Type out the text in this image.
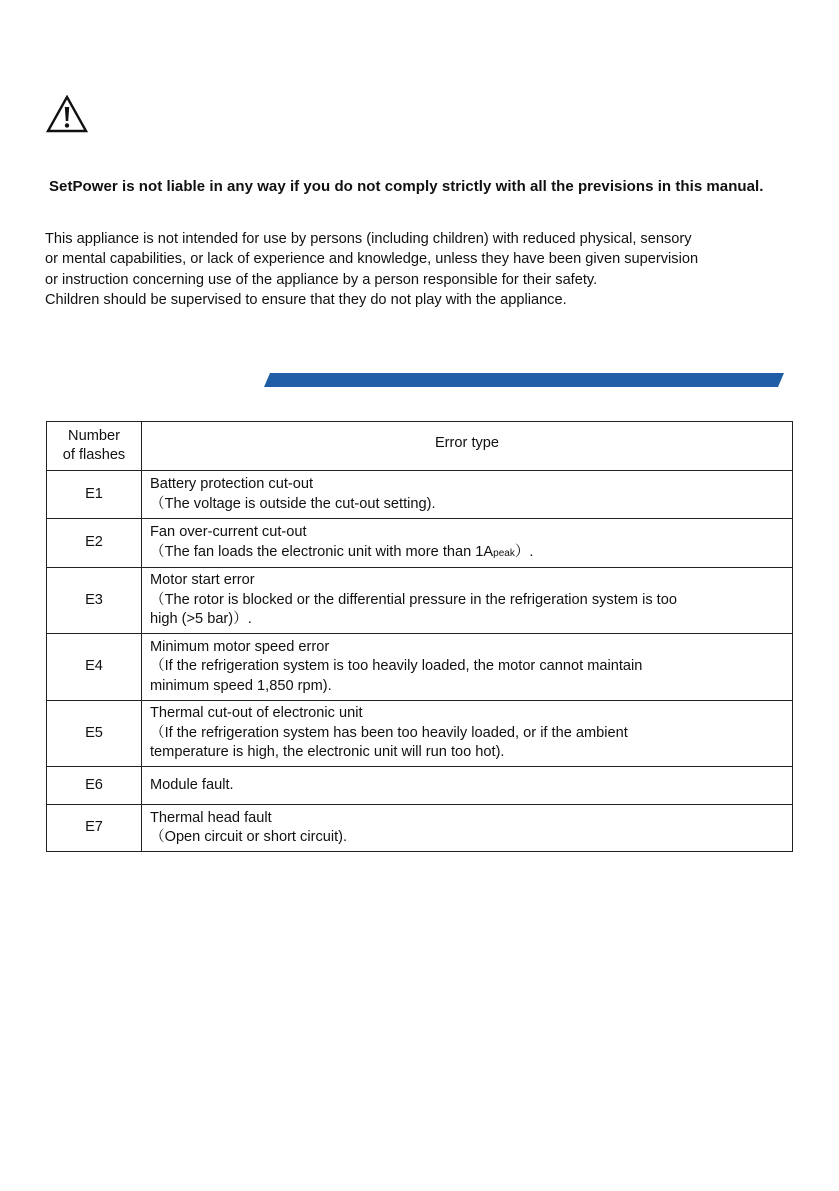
SetPower is not liable in any way if you do not comply strictly with all the previsions in this manual.
This appliance is not intended for use by persons (including children) with reduced physical, sensory
or mental capabilities, or lack of experience and knowledge, unless they have been given supervision
or instruction concerning use of the appliance by a person responsible for their safety.
Children should be supervised to ensure that they do not play with the appliance.
Number
of flashes	Error type
E1	Battery protection cut-out
（The voltage is outside the cut-out setting).

E2	Fan over-current cut-out
（The fan loads the electronic unit with more than 1Apeak）.

E3	Motor start error
（The rotor is blocked or the differential pressure in the refrigeration system is too
high (>5 bar)）.

E4	Minimum motor speed error
（If the refrigeration system is too heavily loaded, the motor cannot maintain
minimum speed 1,850 rpm).

E5	Thermal cut-out of electronic unit
（If the refrigeration system has been too heavily loaded, or if the ambient
temperature is high, the electronic unit will run too hot).

E6	Module fault.

E7	Thermal head fault
（Open circuit or short circuit).
